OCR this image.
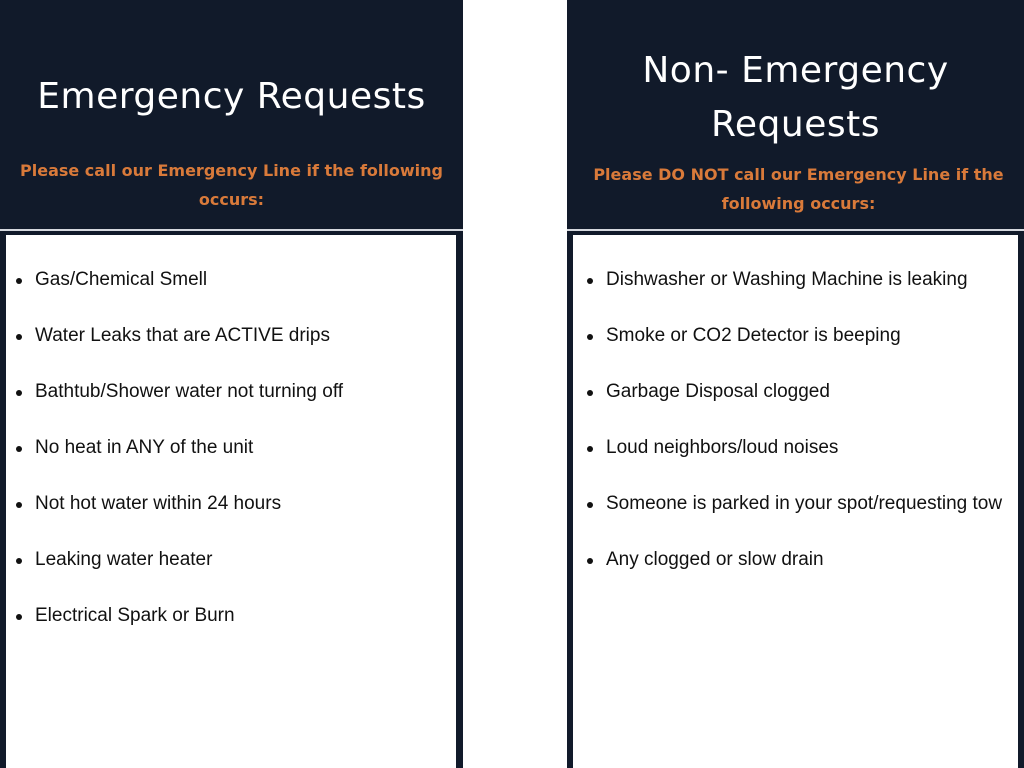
Emergency Requests

Please call our Emergency Line if the following occurs:

Gas/Chemical Smell
Water Leaks that are ACTIVE drips
Bathtub/Shower water not turning off
No heat in ANY of the unit
Not hot water within 24 hours
Leaking water heater
Electrical Spark or Burn
Non- Emergency Requests

Please DO NOT call our Emergency Line if the following occurs:

Dishwasher or Washing Machine is leaking
Smoke or CO2 Detector is beeping
Garbage Disposal clogged
Loud neighbors/loud noises
Someone is parked in your spot/requesting tow
Any clogged or slow drain
